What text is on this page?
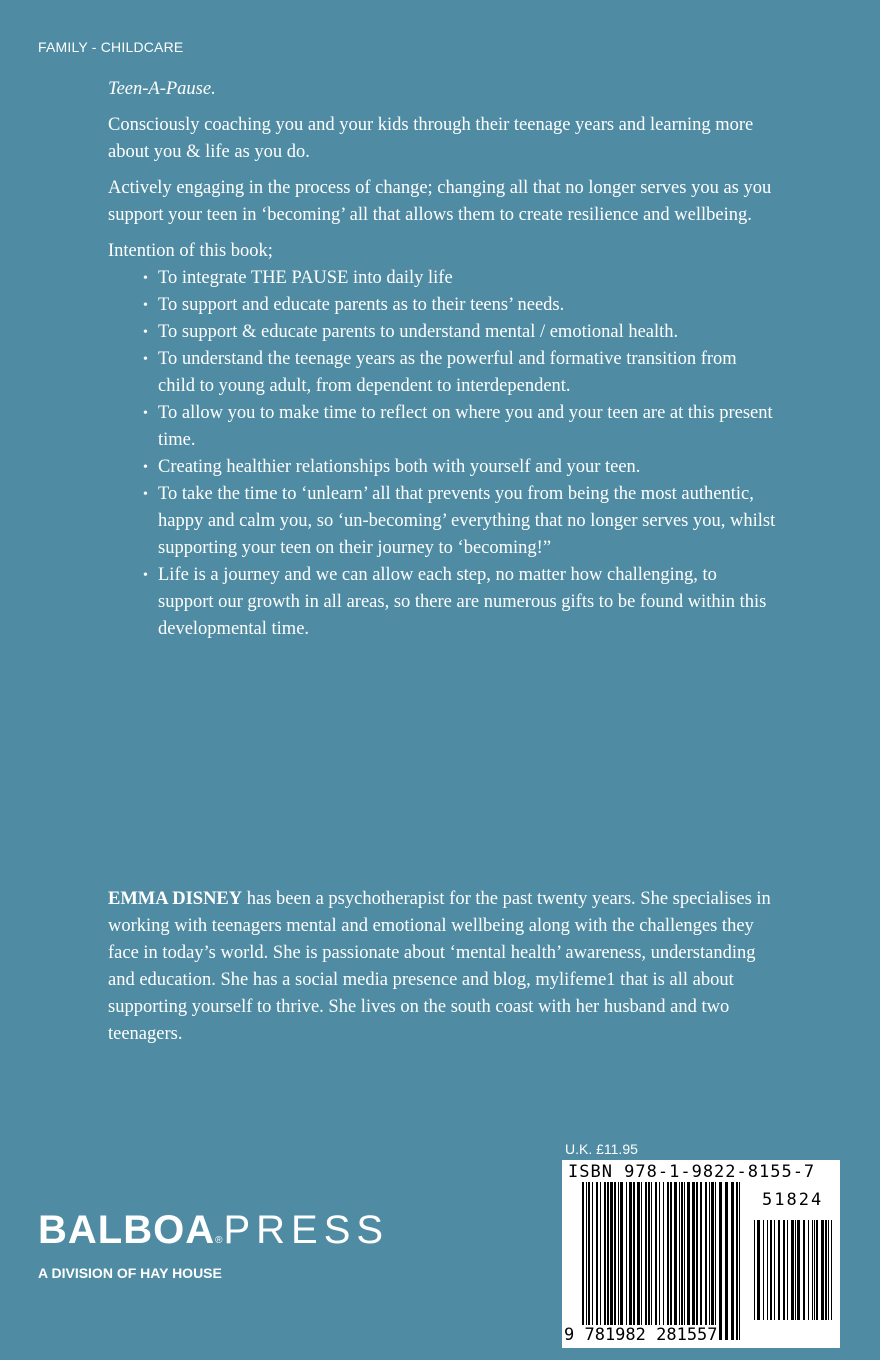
FAMILY - CHILDCARE

Teen-A-Pause.

Consciously coaching you and your kids through their teenage years and learning more about you & life as you do.

Actively engaging in the process of change; changing all that no longer serves you as you support your teen in ‘becoming’ all that allows them to create resilience and wellbeing.

Intention of this book;

• To integrate THE PAUSE into daily life
• To support and educate parents as to their teens’ needs.
• To support & educate parents to understand mental / emotional health.
• To understand the teenage years as the powerful and formative transition from child to young adult, from dependent to interdependent.
• To allow you to make time to reflect on where you and your teen are at this present time.
• Creating healthier relationships both with yourself and your teen.
• To take the time to ‘unlearn’ all that prevents you from being the most authentic, happy and calm you, so ‘un-becoming’ everything that no longer serves you, whilst supporting your teen on their journey to ‘becoming!”
• Life is a journey and we can allow each step, no matter how challenging, to support our growth in all areas, so there are numerous gifts to be found within this developmental time.
EMMA DISNEY has been a psychotherapist for the past twenty years. She specialises in working with teenagers mental and emotional wellbeing along with the challenges they face in today’s world. She is passionate about ‘mental health’ awareness, understanding and education. She has a social media presence and blog, mylifeme1 that is all about supporting yourself to thrive. She lives on the south coast with her husband and two teenagers.
BALBOA®PRESS
A DIVISION OF HAY HOUSE
U.K. £11.95
ISBN 978-1-9822-8155-7
51824
9 781982 281557
